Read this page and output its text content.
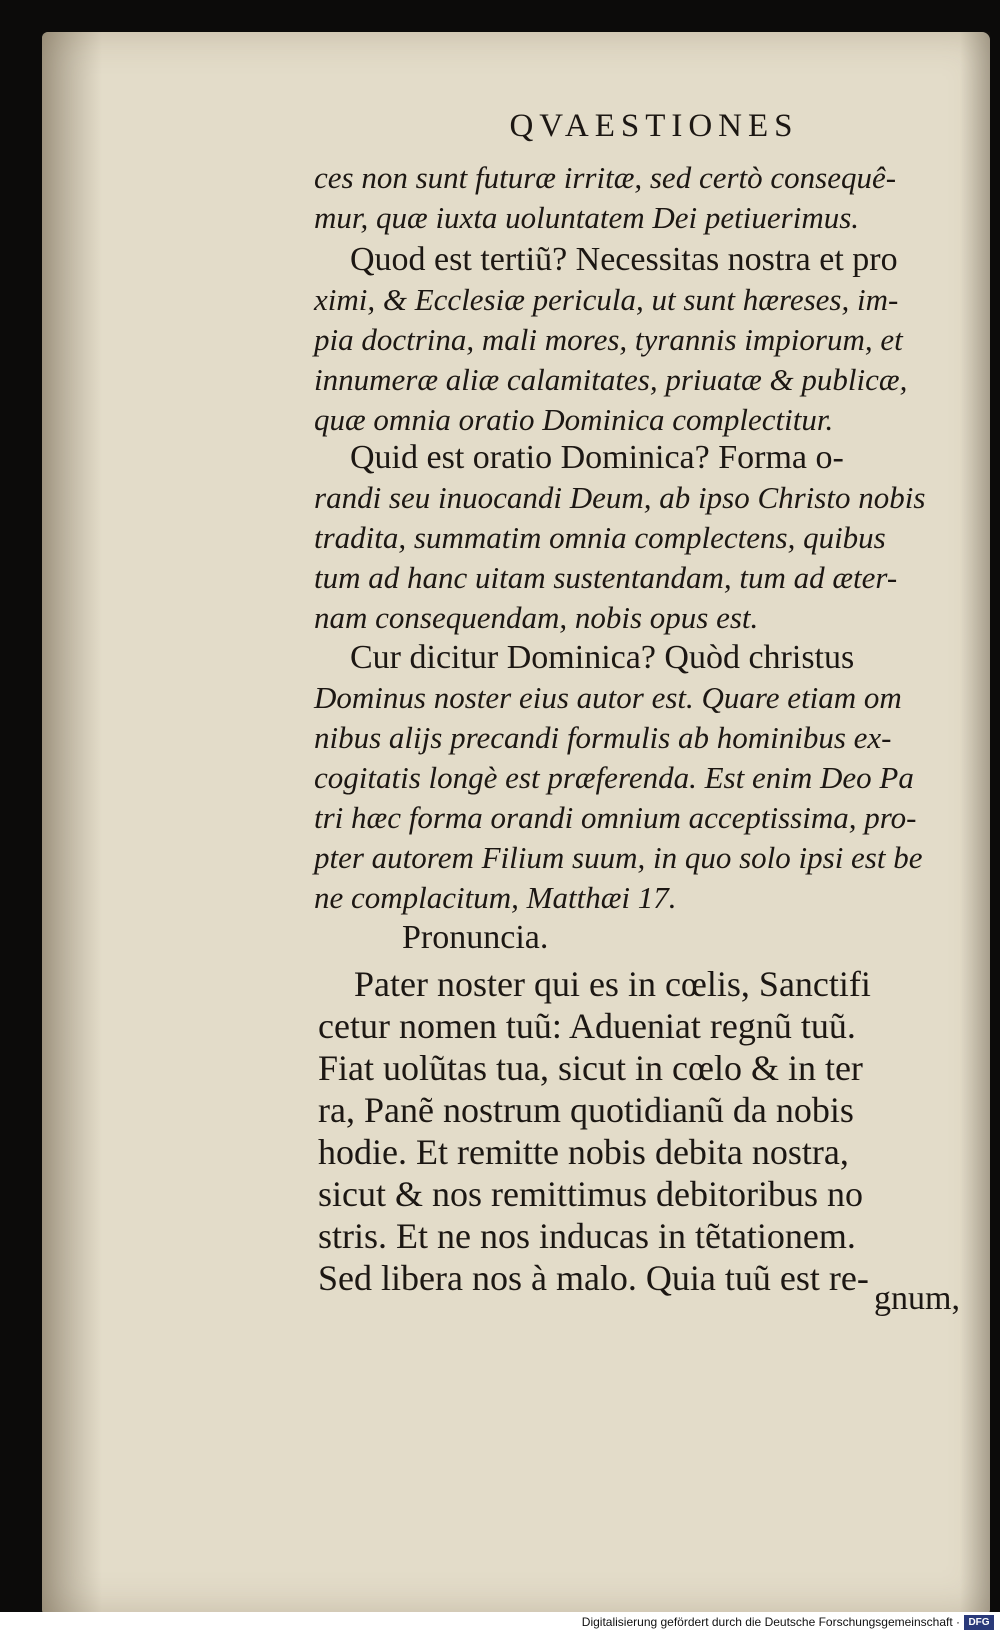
QVAESTIONES
ces non sunt futuræ irritæ, sed certò consequê-
mur, quæ iuxta uoluntatem Dei petiuerimus.
Quod est tertiũ? Necessitas nostra et pro
ximi, & Ecclesiæ pericula, ut sunt hæreses, im-
pia doctrina, mali mores, tyrannis impiorum, et
innumeræ aliæ calamitates, priuatæ & publicæ,
quæ omnia oratio Dominica complectitur.
Quid est oratio Dominica? Forma o-
randi seu inuocandi Deum, ab ipso Christo nobis
tradita, summatim omnia complectens, quibus
tum ad hanc uitam sustentandam, tum ad æter-
nam consequendam, nobis opus est.
Cur dicitur Dominica? Quòd christus
Dominus noster eius autor est. Quare etiam om
nibus alijs precandi formulis ab hominibus ex-
cogitatis longè est præferenda. Est enim Deo Pa
tri hæc forma orandi omnium acceptissima, pro-
pter autorem Filium suum, in quo solo ipsi est be
ne complacitum, Matthæi 17.
Pronuncia.
Pater noster qui es in cœlis, Sanctifi
cetur nomen tuũ: Adueniat regnũ tuũ.
Fiat uolũtas tua, sicut in cœlo & in ter
ra, Panẽ nostrum quotidianũ da nobis
hodie. Et remitte nobis debita nostra,
sicut & nos remittimus debitoribus no
stris. Et ne nos inducas in tẽtationem.
Sed libera nos à malo. Quia tuũ est re-
gnum,
Digitalisierung gefördert durch die Deutsche Forschungsgemeinschaft · DFG
